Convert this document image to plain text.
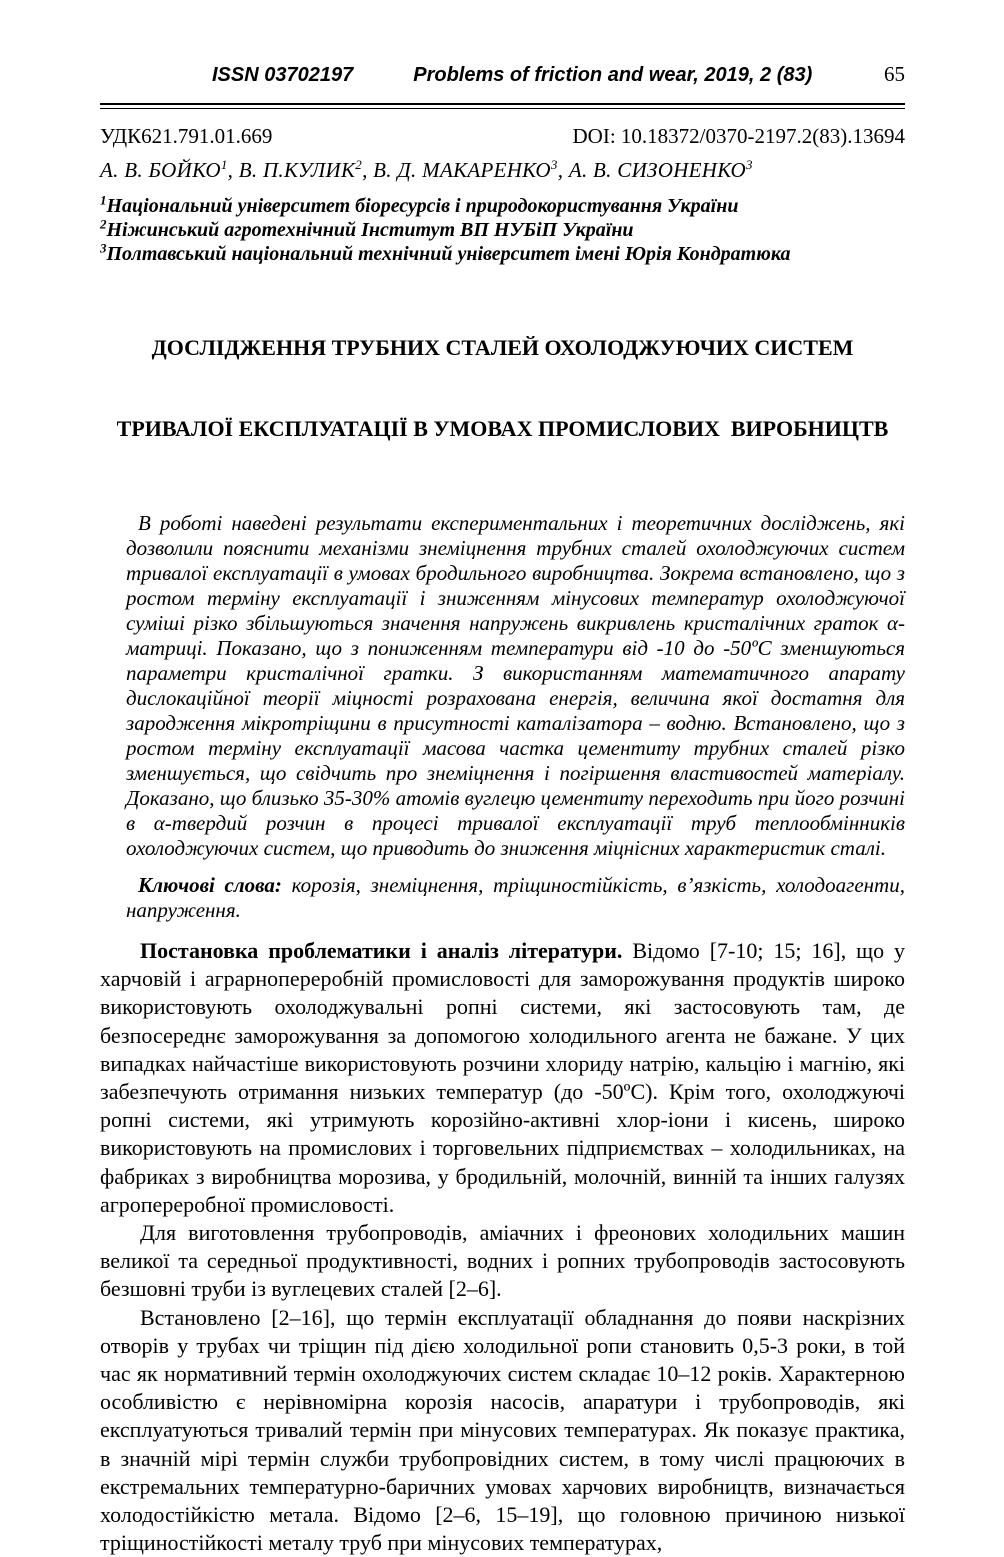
ISSN 03702197	Problems of friction and wear, 2019, 2 (83)	65
УДК621.791.01.669	DOI: 10.18372/0370-2197.2(83).13694
А. В. БОЙКО$^1$, В. П.КУЛИК$^2$, В. Д. МАКАРЕНКО$^3$, А. В. СИЗОНЕНКО$^3$
$^1$Національний університет біоресурсів і природокористування України
$^2$Ніжинський агротехнічний Інститут ВП НУБіП України
$^3$Полтавський національний технічний університет імені Юрія Кондратюка

ДОСЛІДЖЕННЯ ТРУБНИХ СТАЛЕЙ ОХОЛОДЖУЮЧИХ СИСТЕМ

ТРИВАЛОЇ ЕКСПЛУАТАЦІЇ В УМОВАХ ПРОМИСЛОВИХ  ВИРОБНИЦТВ

В роботі наведені результати експериментальних і теоретичних досліджень, які дозволили пояснити механізми знеміцнення трубних сталей охолоджуючих систем тривалої експлуатації в умовах бродильного виробництва. Зокрема встановлено, що з ростом терміну експлуатації і зниженням мінусових температур охолоджуючої суміші різко збільшуються значення напружень викривлень кристалічних граток α-матриці. Показано, що з пониженням температури від -10 до -50ºС зменшуються параметри кристалічної гратки. З використанням математичного апарату дислокаційної теорії міцності розрахована енергія, величина якої достатня для зародження мікротріщини в присутності каталізатора – водню. Встановлено, що з ростом терміну експлуатації масова частка цементиту трубних сталей різко зменшується, що свідчить про знеміцнення і погіршення властивостей матеріалу. Доказано, що близько 35-30% атомів вуглецю цементиту переходить при його розчині в α-твердий розчин в процесі тривалої експлуатації труб теплообмінників охолоджуючих систем, що приводить до зниження міцнісних характеристик сталі.

Ключові слова: корозія, знеміцнення, тріщиностійкість, в’язкість, холодоагенти, напруження.

Постановка проблематики і аналіз літератури. Відомо [7-10; 15; 16], що у харчовій і аграрнопереробній промисловості для заморожування продуктів широко використовують охолоджувальні ропні системи, які застосовують там, де безпосереднє заморожування за допомогою холодильного агента не бажане. У цих випадках найчастіше використовують розчини хлориду натрію, кальцію і магнію, які забезпечують отримання низьких температур (до -50ºС). Крім того, охолоджуючі ропні системи, які утримують корозійно-активні хлор-іони і кисень, широко використовують на промислових і торговельних підприємствах – холодильниках, на фабриках з виробництва морозива, у бродильній, молочній, винній та інших галузях агропереробної промисловості.

Для виготовлення трубопроводів, аміачних і фреонових холодильних машин великої та середньої продуктивності, водних і ропних трубопроводів застосовують безшовні труби із вуглецевих сталей [2–6].

Встановлено [2–16], що термін експлуатації обладнання до появи наскрізних отворів у трубах чи тріщин під дією холодильної ропи становить 0,5-3 роки, в той час як нормативний термін охолоджуючих систем складає 10–12 років. Характерною особливістю є нерівномірна корозія насосів, апаратури і трубопроводів, які експлуатуються тривалий термін при мінусових температурах. Як показує практика, в значній мірі термін служби трубопровідних систем, в тому числі працюючих в екстремальних температурно-баричних умовах харчових виробництв, визначається холодостійкістю метала. Відомо [2–6, 15–19], що головною причиною низької тріщиностійкості металу труб при мінусових температурах,
